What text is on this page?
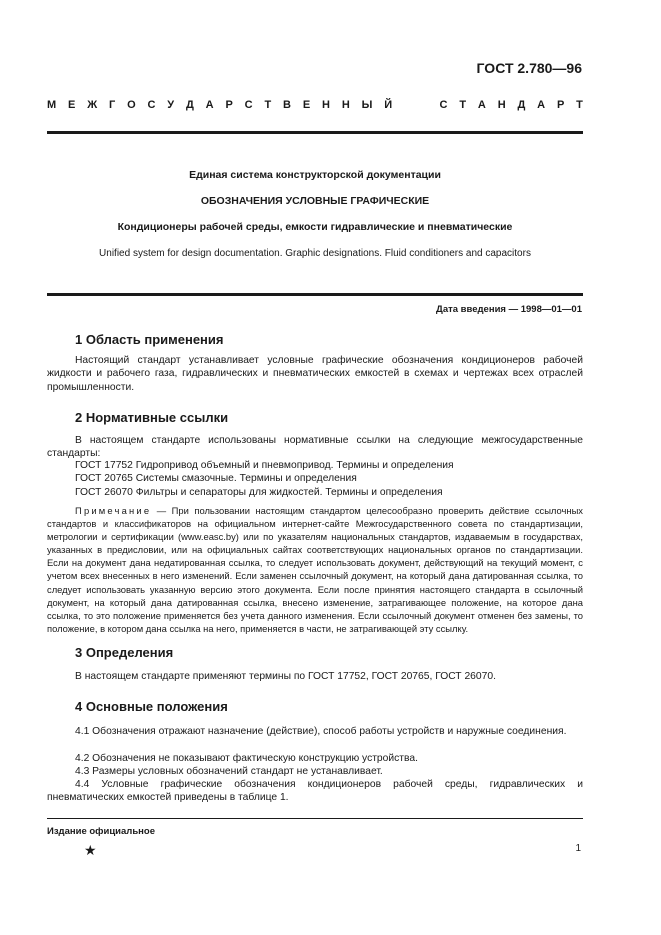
ГОСТ 2.780—96
М Е Ж Г О С У Д А Р С Т В Е Н Н Ы Й	С Т А Н Д А Р Т
Единая система конструкторской документации
ОБОЗНАЧЕНИЯ УСЛОВНЫЕ ГРАФИЧЕСКИЕ
Кондиционеры рабочей среды, емкости гидравлические и пневматические
Unified system for design documentation. Graphic designations. Fluid conditioners and capacitors
Дата введения — 1998—01—01
1 Область применения

Настоящий стандарт устанавливает условные графические обозначения кондиционеров рабочей жидкости и рабочего газа, гидравлических и пневматических емкостей в схемах и чертежах всех отраслей промышленности.

2 Нормативные ссылки

В настоящем стандарте использованы нормативные ссылки на следующие межгосударственные стандарты:

ГОСТ 17752 Гидропривод объемный и пневмопривод. Термины и определения
ГОСТ 20765 Системы смазочные. Термины и определения
ГОСТ 26070 Фильтры и сепараторы для жидкостей. Термины и определения

Примечание — При пользовании настоящим стандартом целесообразно проверить действие ссылочных стандартов и классификаторов на официальном интернет-сайте Межгосударственного совета по стандартизации, метрологии и сертификации (www.easc.by) или по указателям национальных стандартов, издаваемым в государствах, указанных в предисловии, или на официальных сайтах соответствующих национальных органов по стандартизации. Если на документ дана недатированная ссылка, то следует использовать документ, действующий на текущий момент, с учетом всех внесенных в него изменений. Если заменен ссылочный документ, на который дана датированная ссылка, то следует использовать указанную версию этого документа. Если после принятия настоящего стандарта в ссылочный документ, на который дана датированная ссылка, внесено изменение, затрагивающее положение, на которое дана ссылка, то это положение применяется без учета данного изменения. Если ссылочный документ отменен без замены, то положение, в котором дана ссылка на него, применяется в части, не затрагивающей эту ссылку.

3 Определения

В настоящем стандарте применяют термины по ГОСТ 17752, ГОСТ 20765, ГОСТ 26070.

4 Основные положения

4.1 Обозначения отражают назначение (действие), способ работы устройств и наружные соединения.

4.2 Обозначения не показывают фактическую конструкцию устройства.

4.3 Размеры условных обозначений стандарт не устанавливает.

4.4 Условные графические обозначения кондиционеров рабочей среды, гидравлических и пневматических емкостей приведены в таблице 1.

Издание официальное
★	1
